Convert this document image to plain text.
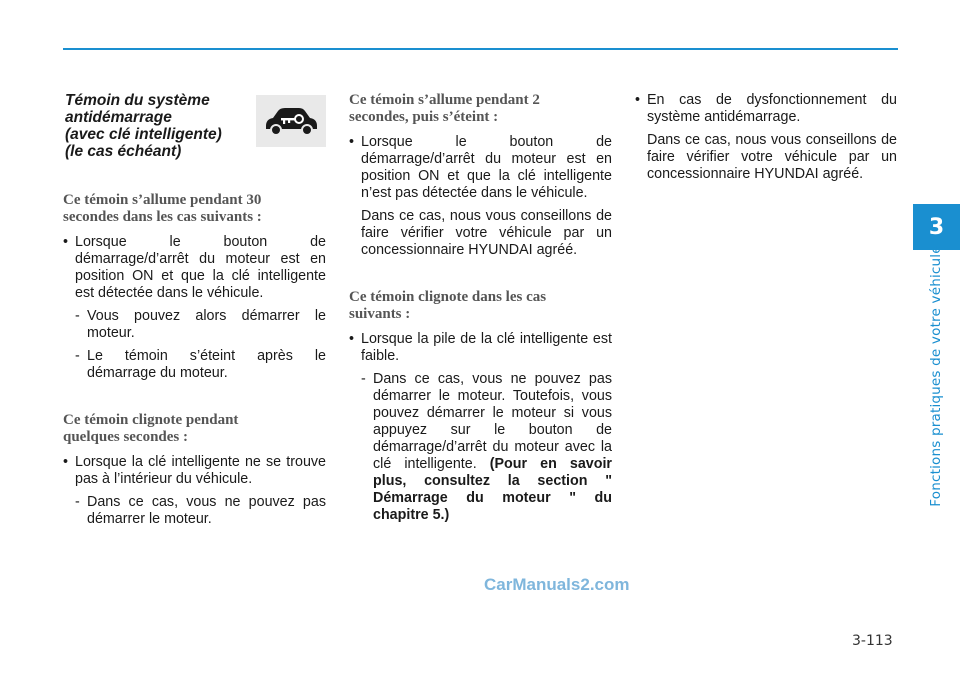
3
Fonctions pratiques de votre véhicule
Témoin du système
antidémarrage
(avec clé intelligente)
(le cas échéant)
Ce témoin s’allume pendant 30
secondes dans les cas suivants :
• Lorsque le bouton de démarrage/d’arrêt du moteur est en position ON et que la clé intelligente est détectée dans le véhicule.
- Vous pouvez alors démarrer le moteur.
- Le témoin s’éteint après le démarrage du moteur.
Ce témoin clignote pendant
quelques secondes :
• Lorsque la clé intelligente ne se trouve pas à l’intérieur du véhicule.
- Dans ce cas, vous ne pouvez pas démarrer le moteur.
Ce témoin s’allume pendant 2
secondes, puis s’éteint :
• Lorsque le bouton de démarrage/d’arrêt du moteur est en position ON et que la clé intelligente n’est pas détectée dans le véhicule.
Dans ce cas, nous vous conseillons de faire vérifier votre véhicule par un concessionnaire HYUNDAI agréé.
Ce témoin clignote dans les cas
suivants :
• Lorsque la pile de la clé intelligente est faible.
- Dans ce cas, vous ne pouvez pas démarrer le moteur. Toutefois, vous pouvez démarrer le moteur si vous appuyez sur le bouton de démarrage/d’arrêt du moteur avec la clé intelligente. (Pour en savoir plus, consultez la section " Démarrage du moteur " du chapitre 5.)
• En cas de dysfonctionnement du système antidémarrage.
Dans ce cas, nous vous conseillons de faire vérifier votre véhicule par un concessionnaire HYUNDAI agréé.
CarManuals2.com
3-113
